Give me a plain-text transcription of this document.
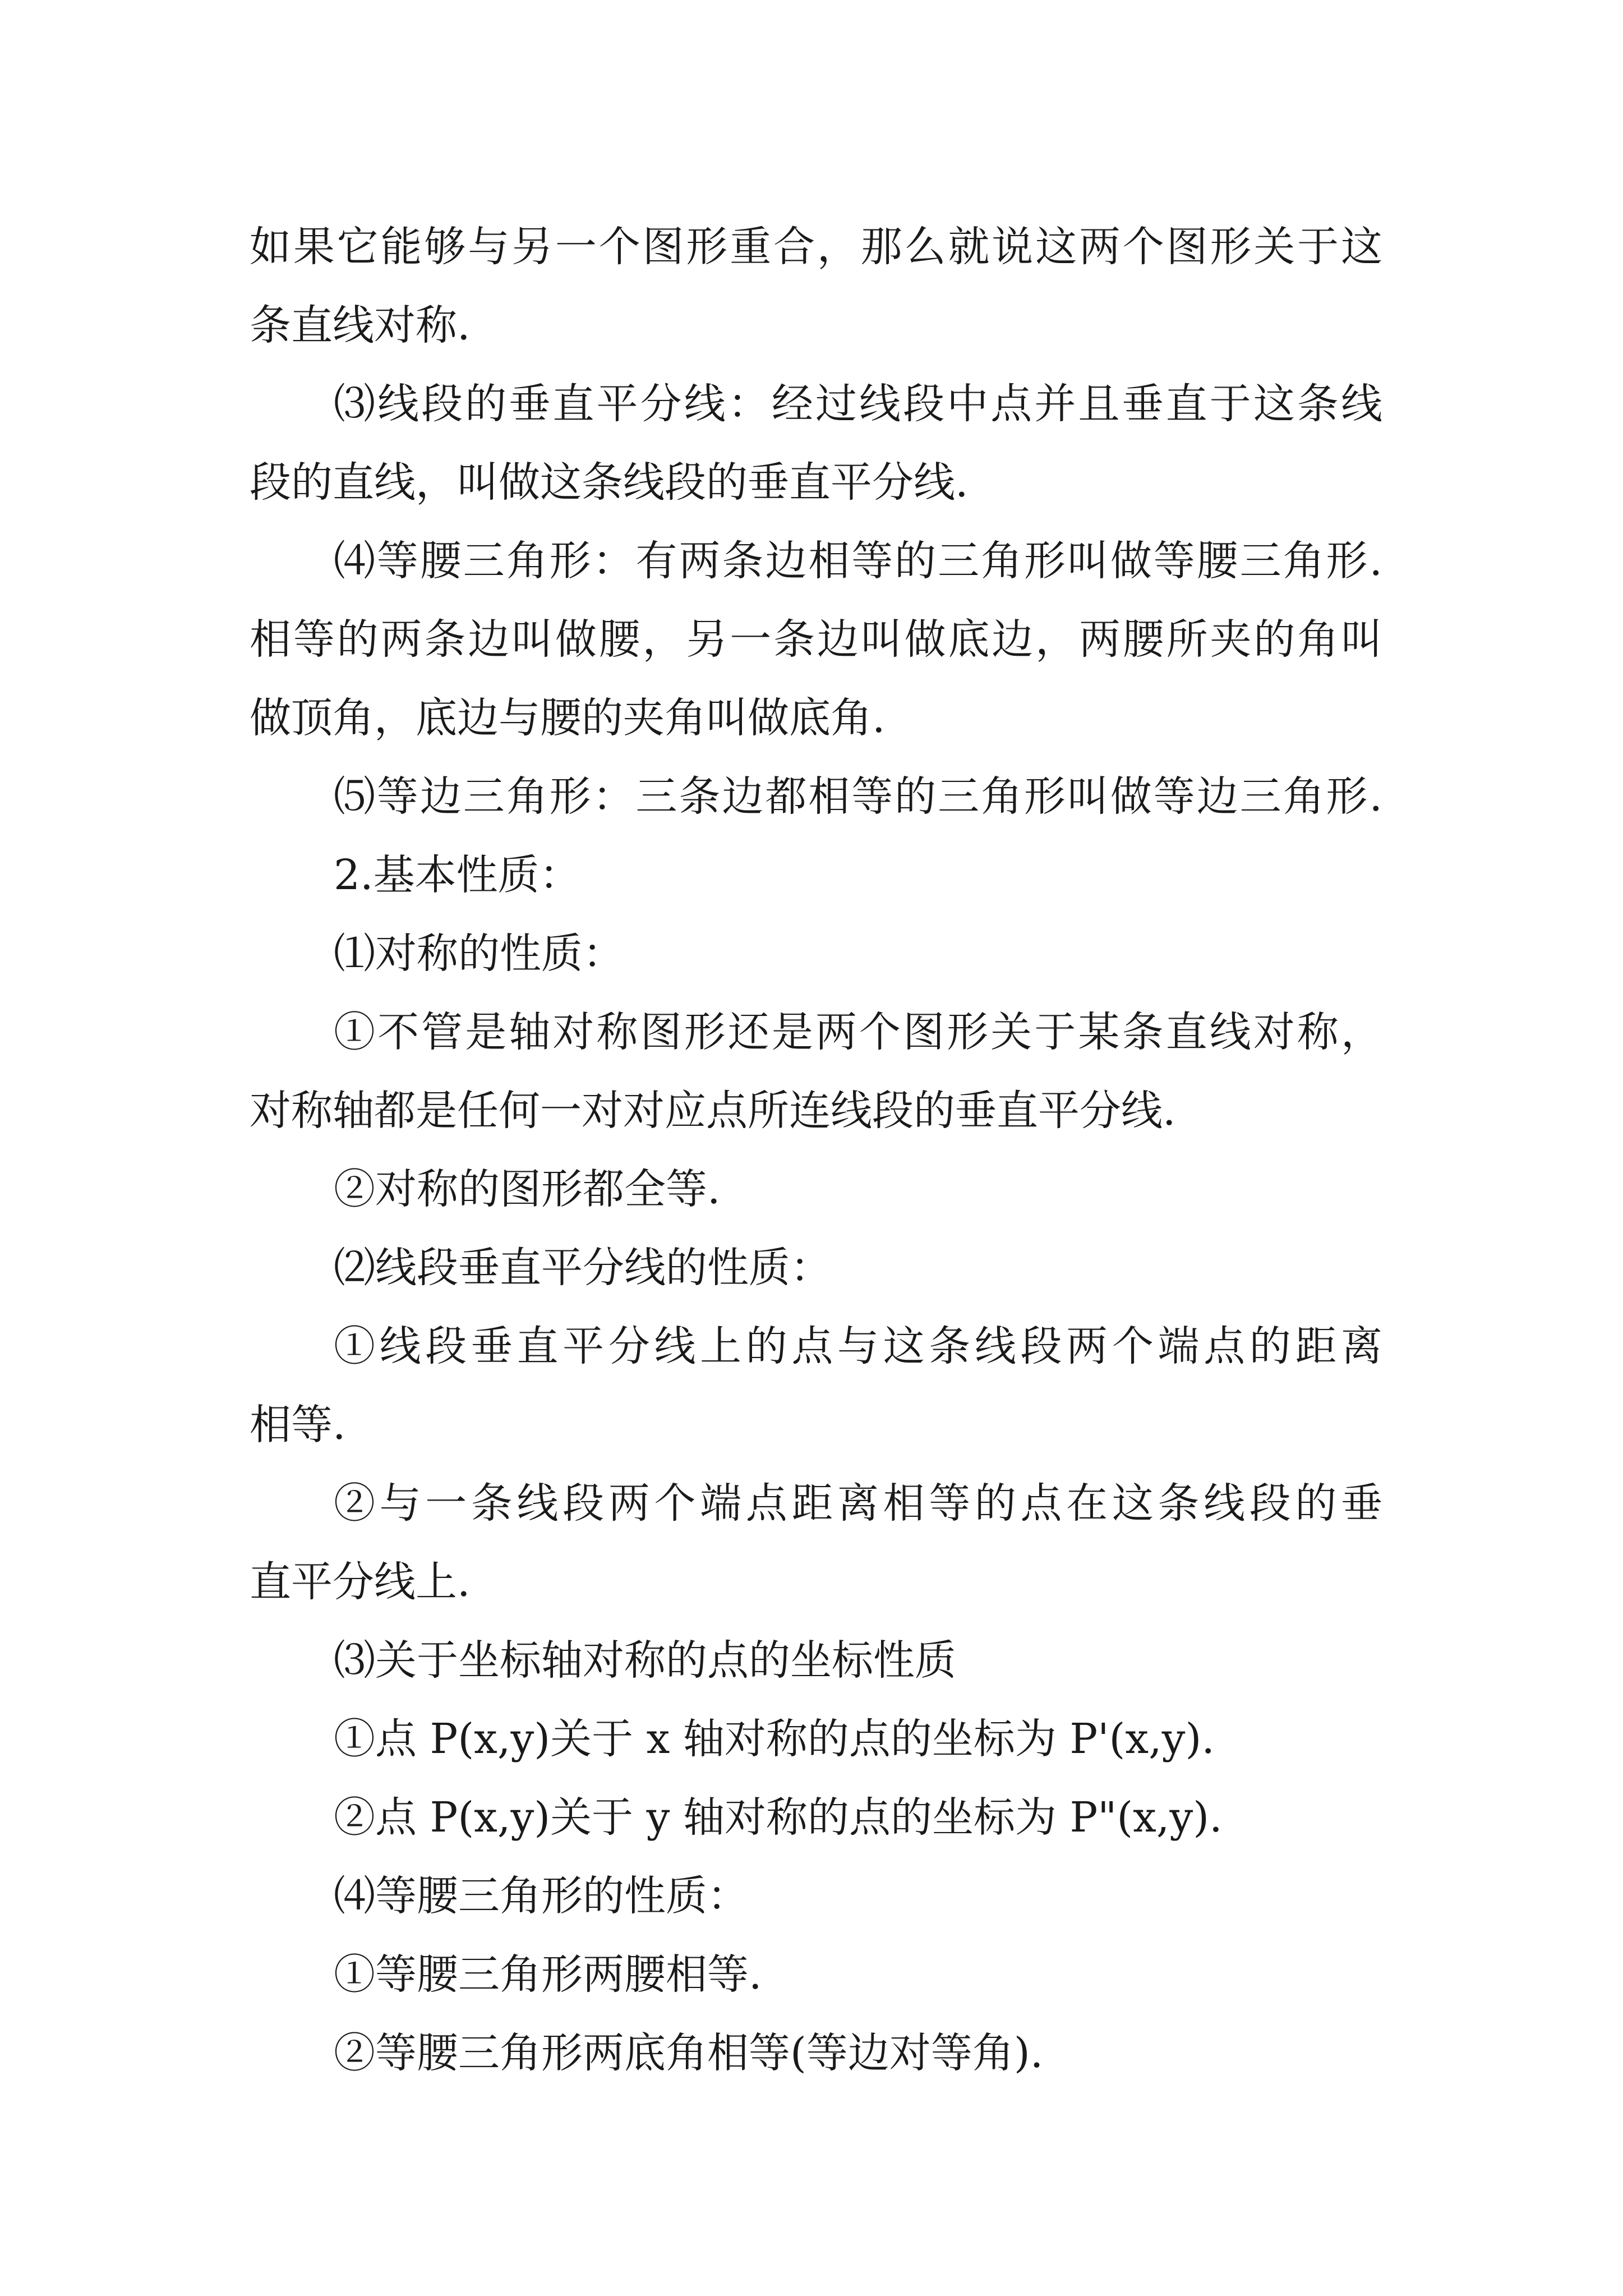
如果它能够与另一个图形重合，那么就说这两个图形关于这
条直线对称.
⑶线段的垂直平分线：经过线段中点并且垂直于这条线
段的直线，叫做这条线段的垂直平分线.
⑷等腰三角形：有两条边相等的三角形叫做等腰三角形.
相等的两条边叫做腰，另一条边叫做底边，两腰所夹的角叫
做顶角，底边与腰的夹角叫做底角.
⑸等边三角形：三条边都相等的三角形叫做等边三角形.
2.基本性质：
⑴对称的性质：
①不管是轴对称图形还是两个图形关于某条直线对称，
对称轴都是任何一对对应点所连线段的垂直平分线.
②对称的图形都全等.
⑵线段垂直平分线的性质：
①线段垂直平分线上的点与这条线段两个端点的距离
相等.
②与一条线段两个端点距离相等的点在这条线段的垂
直平分线上.
⑶关于坐标轴对称的点的坐标性质
①点 P(x,y)关于 x 轴对称的点的坐标为 P'(x,y).
②点 P(x,y)关于 y 轴对称的点的坐标为 P"(x,y).
⑷等腰三角形的性质：
①等腰三角形两腰相等.
②等腰三角形两底角相等(等边对等角).
